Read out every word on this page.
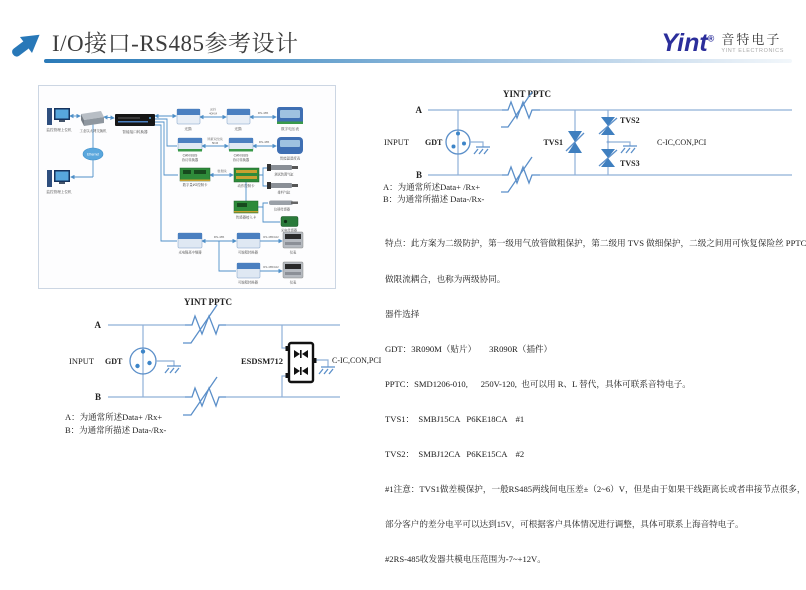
I/O接口-RS485参考设计	Yint® 音特电子
YINT ELECTRONICS
监控管理上位机
监控管理上位机
工业以太网交换机
Ethernet
智能接口转换器
光猫
光纤
40KM
光猫
RS-485
数字电压表
CAN BUS
协议转换器
屏蔽双绞线
5KM
CAN BUS
协议转换器
RS-485
智能温湿度表
数字量I/O控制卡
数据线
动作控制卡
测试装置气缸
排料气缸
传感器接入卡
位移传感器
光电传感器
光电隔离中继器
RS-485
可编程转换器
RS-485/422
仪表
可编程转换器
RS-485/422
仪表
YINT PPTC
A
B
INPUT GDT	TVS1
TVS2
TVS3
C-IC,CON,PCI
A：为通常所述Data+ /Rx+
B：为通常所描述 Data-/Rx-

特点：此方案为二级防护，第一级用气放管做粗保护，第二级用 TVS 做细保护，二级之间用可恢复保险丝 PPTC

做限流耦合，也称为两级协同。

器件选择

GDT：3R090M（贴片）      3R090R（插件）

PPTC：SMD1206-010,      250V-120,  也可以用 R、L 替代，具体可联系音特电子。

TVS1：  SMBJ15CA   P6KE18CA    #1

TVS2：  SMBJ12CA   P6KE15CA    #2

#1注意：TVS1做差模保护，一般RS485两线间电压差±（2~6）V，但是由于如果干线距离长或者串接节点很多，

部分客户的差分电平可以达到15V，可根据客户具体情况进行调整，具体可联系上海音特电子。

#2RS-485收发器共模电压范围为-7~+12V。

YINT PPTC
A
B
INPUT GDT	ESDSM712	C-IC,CON,PCI
A：为通常所述Data+ /Rx+
B：为通常所描述 Data-/Rx-
